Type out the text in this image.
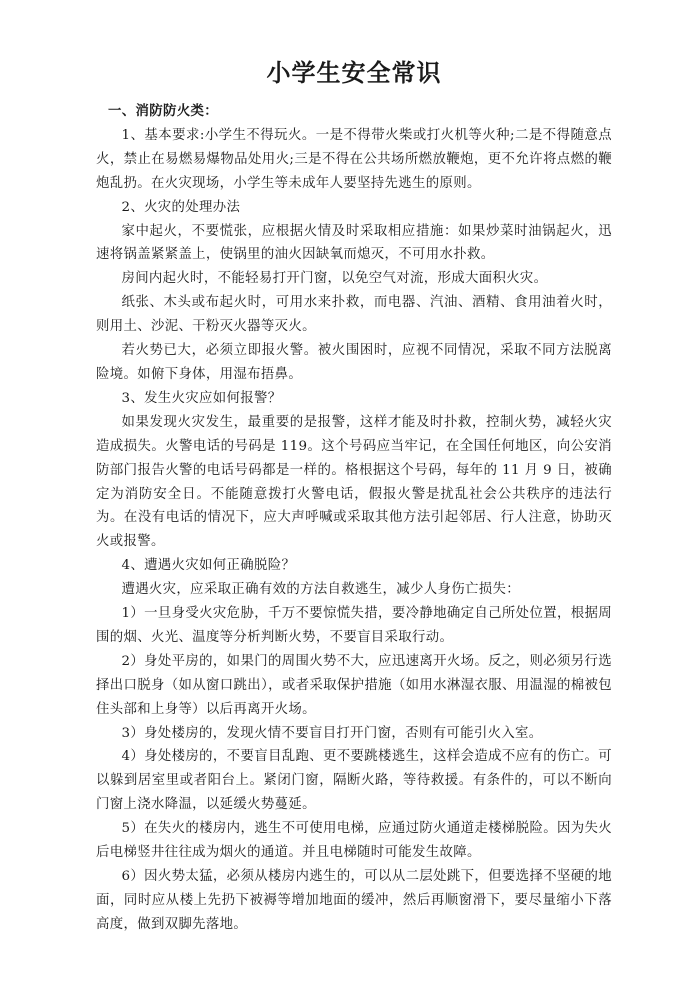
小学生安全常识

一、消防防火类：

1、基本要求:小学生不得玩火。一是不得带火柴或打火机等火种;二是不得随意点火，禁止在易燃易爆物品处用火;三是不得在公共场所燃放鞭炮，更不允许将点燃的鞭炮乱扔。在火灾现场，小学生等未成年人要坚持先逃生的原则。

2、火灾的处理办法

家中起火，不要慌张，应根据火情及时采取相应措施：如果炒菜时油锅起火，迅速将锅盖紧紧盖上，使锅里的油火因缺氧而熄灭，不可用水扑救。

房间内起火时，不能轻易打开门窗，以免空气对流，形成大面积火灾。

纸张、木头或布起火时，可用水来扑救，而电器、汽油、酒精、食用油着火时，则用土、沙泥、干粉灭火器等灭火。

若火势已大，必须立即报火警。被火围困时，应视不同情况，采取不同方法脱离险境。如俯下身体，用湿布捂鼻。

3、发生火灾应如何报警？

如果发现火灾发生，最重要的是报警，这样才能及时扑救，控制火势，减轻火灾造成损失。火警电话的号码是 119。这个号码应当牢记，在全国任何地区，向公安消防部门报告火警的电话号码都是一样的。格根据这个号码，每年的 11 月 9 日，被确定为消防安全日。不能随意拨打火警电话，假报火警是扰乱社会公共秩序的违法行为。在没有电话的情况下，应大声呼喊或采取其他方法引起邻居、行人注意，协助灭火或报警。

4、遭遇火灾如何正确脱险？

遭遇火灾，应采取正确有效的方法自救逃生，减少人身伤亡损失：

1）一旦身受火灾危胁，千万不要惊慌失措，要冷静地确定自己所处位置，根据周围的烟、火光、温度等分析判断火势，不要盲目采取行动。

2）身处平房的，如果门的周围火势不大，应迅速离开火场。反之，则必须另行选择出口脱身（如从窗口跳出），或者采取保护措施（如用水淋湿衣服、用温湿的棉被包住头部和上身等）以后再离开火场。

3）身处楼房的，发现火情不要盲目打开门窗，否则有可能引火入室。

4）身处楼房的，不要盲目乱跑、更不要跳楼逃生，这样会造成不应有的伤亡。可以躲到居室里或者阳台上。紧闭门窗，隔断火路，等待救援。有条件的，可以不断向门窗上浇水降温，以延缓火势蔓延。

5）在失火的楼房内，逃生不可使用电梯，应通过防火通道走楼梯脱险。因为失火后电梯竖井往往成为烟火的通道。并且电梯随时可能发生故障。

6）因火势太猛，必须从楼房内逃生的，可以从二层处跳下，但要选择不坚硬的地面，同时应从楼上先扔下被褥等增加地面的缓冲，然后再顺窗滑下，要尽量缩小下落高度，做到双脚先落地。
